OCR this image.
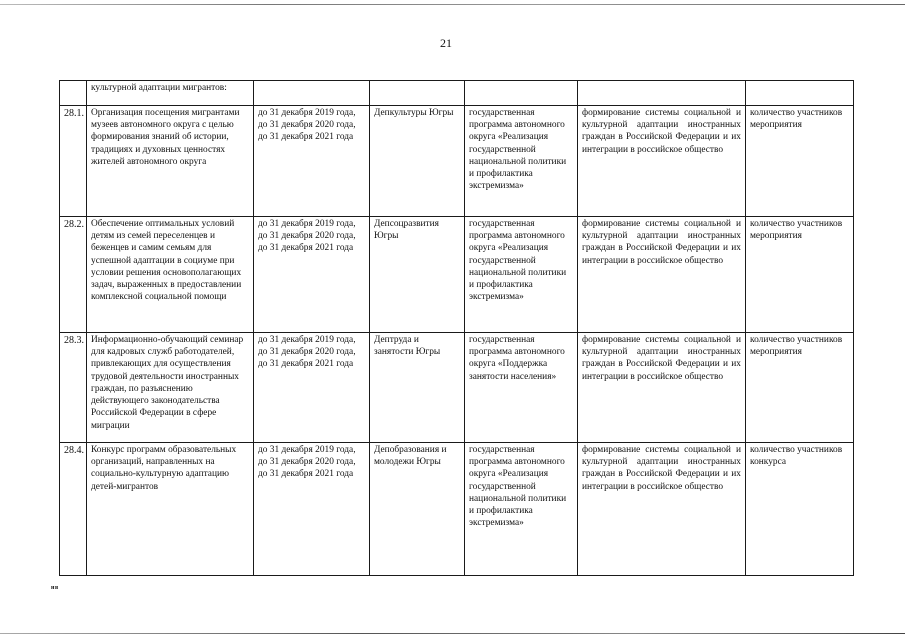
21
	культурной адаптации мигрантов:					
28.1.	Организация посещения мигрантами музеев автономного округа с целью формирования знаний об истории, традициях и духовных ценностях жителей автономного округа	до 31 декабря 2019 года, до 31 декабря 2020 года, до 31 декабря 2021 года	Депкультуры Югры	государственная программа автономного округа «Реализация государственной национальной политики и профилактика экстремизма»	формирование системы социальной и культурной адаптации иностранных граждан в Российской Федерации и их интеграции в российское общество	количество участников мероприятия
28.2.	Обеспечение оптимальных условий детям из семей переселенцев и беженцев и самим семьям для успешной адаптации в социуме при условии решения основополагающих задач, выраженных в предоставлении комплексной социальной помощи	до 31 декабря 2019 года, до 31 декабря 2020 года, до 31 декабря 2021 года	Депсоцразвития Югры	государственная программа автономного округа «Реализация государственной национальной политики и профилактика экстремизма»	формирование системы социальной и культурной адаптации иностранных граждан в Российской Федерации и их интеграции в российское общество	количество участников мероприятия
28.3.	Информационно-обучающий семинар для кадровых служб работодателей, привлекающих для осуществления трудовой деятельности иностранных граждан, по разъяснению действующего законодательства Российской Федерации в сфере миграции	до 31 декабря 2019 года, до 31 декабря 2020 года, до 31 декабря 2021 года	Дептруда и занятости Югры	государственная программа автономного округа «Поддержка занятости населения»	формирование системы социальной и культурной адаптации иностранных граждан в Российской Федерации и их интеграции в российское общество	количество участников мероприятия
28.4.	Конкурс программ образовательных организаций, направленных на социально-культурную адаптацию детей-мигрантов	до 31 декабря 2019 года, до 31 декабря 2020 года, до 31 декабря 2021 года	Депобразования и молодежи Югры	государственная программа автономного округа «Реализация государственной национальной политики и профилактика экстремизма»	формирование системы социальной и культурной адаптации иностранных граждан в Российской Федерации и их интеграции в российское общество	количество участников конкурса
нв
